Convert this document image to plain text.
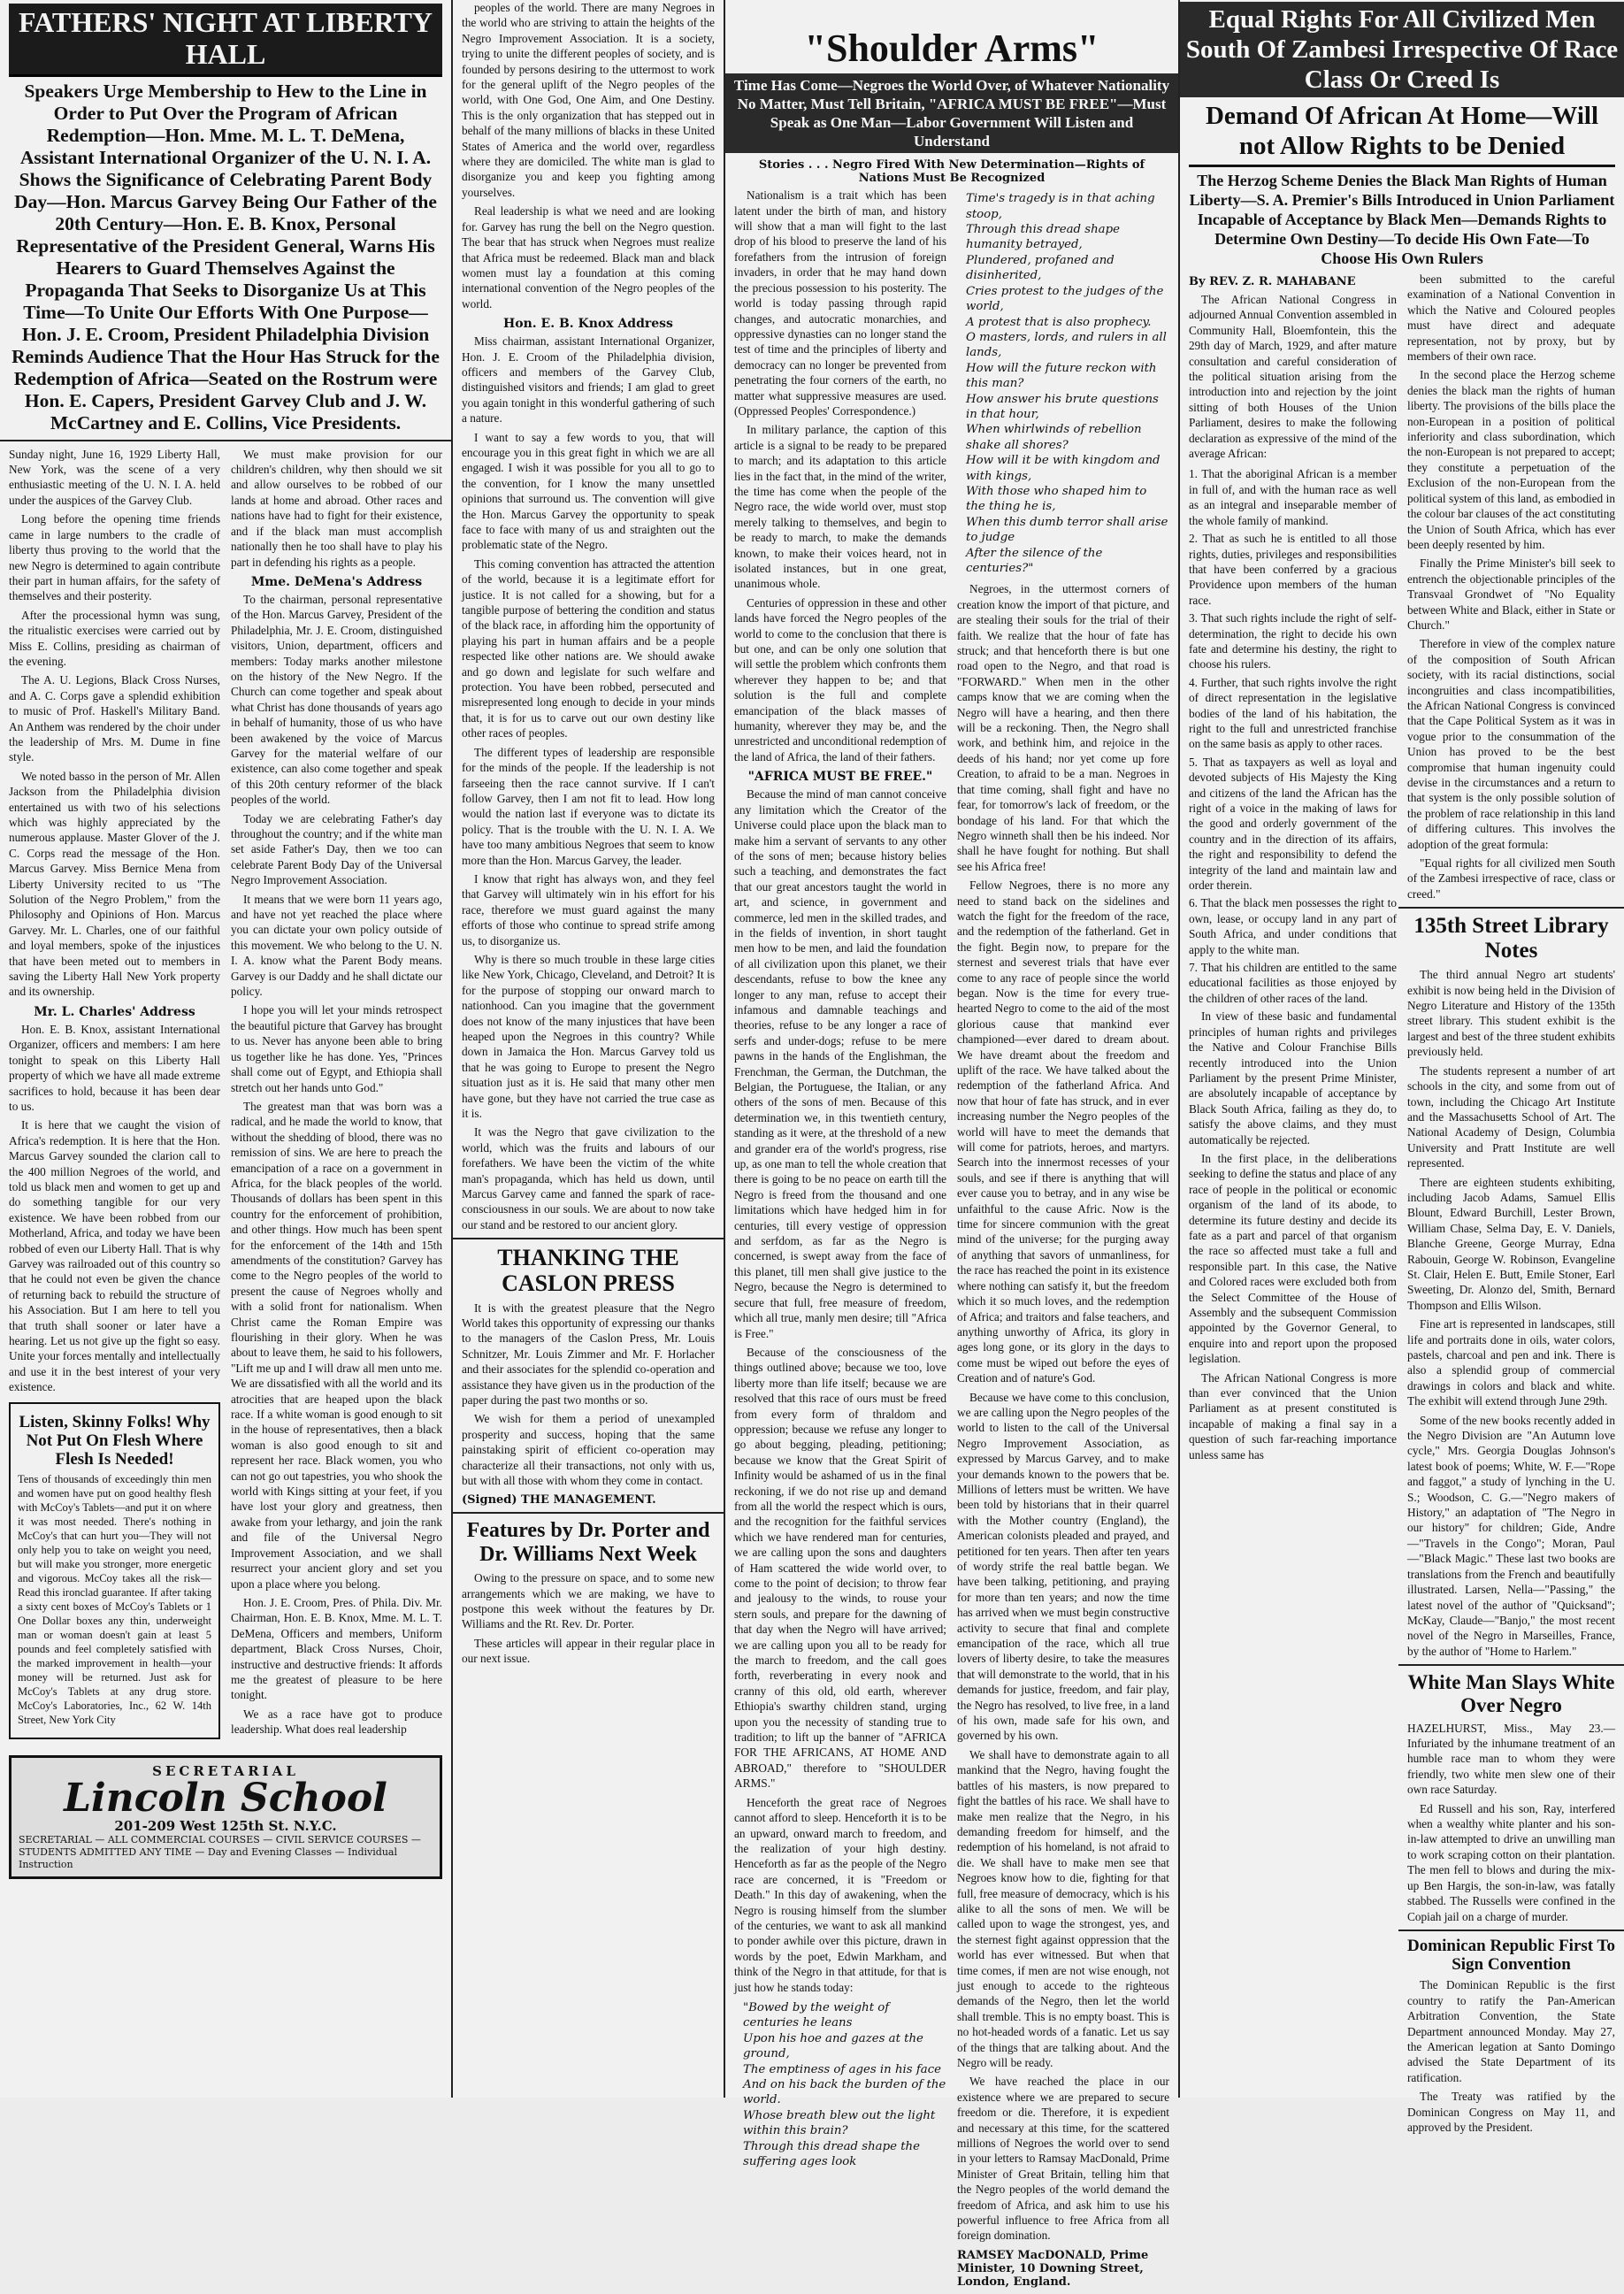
FATHERS' NIGHT AT LIBERTY HALL
Speakers Urge Membership to Hew to the Line in Order to Put Over the Program of African Redemption—Hon. Mme. M. L. T. DeMena, Assistant International Organizer of the U. N. I. A. Shows the Significance of Celebrating Parent Body Day—Hon. Marcus Garvey Being Our Father of the 20th Century—Hon. E. B. Knox, Personal Representative of the President General, Warns His Hearers to Guard Themselves Against the Propaganda That Seeks to Disorganize Us at This Time—To Unite Our Efforts With One Purpose—Hon. J. E. Croom, President Philadelphia Division Reminds Audience That the Hour Has Struck for the Redemption of Africa—Seated on the Rostrum were Hon. E. Capers, President Garvey Club and J. W. McCartney and E. Collins, Vice Presidents.

Sunday night, June 16, 1929 Liberty Hall, New York, was the scene of a very enthusiastic meeting of the U. N. I. A. held under the auspices of the Garvey Club.

Long before the opening time friends came in large numbers to the cradle of liberty thus proving to the world that the new Negro is determined to again contribute their part in human affairs, for the safety of themselves and their posterity.

After the processional hymn was sung, the ritualistic exercises were carried out by Miss E. Collins, presiding as chairman of the evening.

The A. U. Legions, Black Cross Nurses, and A. C. Corps gave a splendid exhibition to music of Prof. Haskell's Military Band. An Anthem was rendered by the choir under the leadership of Mrs. M. Dume in fine style.

We noted basso in the person of Mr. Allen Jackson from the Philadelphia division entertained us with two of his selections which was highly appreciated by the numerous applause. Master Glover of the J. C. Corps read the message of the Hon. Marcus Garvey. Miss Bernice Mena from Liberty University recited to us "The Solution of the Negro Problem," from the Philosophy and Opinions of Hon. Marcus Garvey. Mr. L. Charles, one of our faithful and loyal members, spoke of the injustices that have been meted out to members in saving the Liberty Hall New York property and its ownership.

Mr. L. Charles' Address

Hon. E. B. Knox, assistant International Organizer, officers and members: I am here tonight to speak on this Liberty Hall property of which we have all made extreme sacrifices to hold, because it has been dear to us.

It is here that we caught the vision of Africa's redemption. It is here that the Hon. Marcus Garvey sounded the clarion call to the 400 million Negroes of the world, and told us black men and women to get up and do something tangible for our very existence. We have been robbed from our Motherland, Africa, and today we have been robbed of even our Liberty Hall. That is why Garvey was railroaded out of this country so that he could not even be given the chance of returning back to rebuild the structure of his Association. But I am here to tell you that truth shall sooner or later have a hearing. Let us not give up the fight so easy. Unite your forces mentally and intellectually and use it in the best interest of your very existence.

Listen, Skinny Folks! Why Not Put On Flesh Where Flesh Is Needed!
Tens of thousands of exceedingly thin men and women have put on good healthy flesh with McCoy's Tablets—and put it on where it was most needed. There's nothing in McCoy's that can hurt you—They will not only help you to take on weight you need, but will make you stronger, more energetic and vigorous. McCoy takes all the risk—Read this ironclad guarantee. If after taking a sixty cent boxes of McCoy's Tablets or 1 One Dollar boxes any thin, underweight man or woman doesn't gain at least 5 pounds and feel completely satisfied with the marked improvement in health—your money will be returned. Just ask for McCoy's Tablets at any drug store. McCoy's Laboratories, Inc., 62 W. 14th Street, New York City

We must make provision for our children's children, why then should we sit and allow ourselves to be robbed of our lands at home and abroad. Other races and nations have had to fight for their existence, and if the black man must accomplish nationally then he too shall have to play his part in defending his rights as a people.

Mme. DeMena's Address

To the chairman, personal representative of the Hon. Marcus Garvey, President of the Philadelphia, Mr. J. E. Croom, distinguished visitors, Union, department, officers and members: Today marks another milestone on the history of the New Negro. If the Church can come together and speak about what Christ has done thousands of years ago in behalf of humanity, those of us who have been awakened by the voice of Marcus Garvey for the material welfare of our existence, can also come together and speak of this 20th century reformer of the black peoples of the world.

Today we are celebrating Father's day throughout the country; and if the white man set aside Father's Day, then we too can celebrate Parent Body Day of the Universal Negro Improvement Association.

It means that we were born 11 years ago, and have not yet reached the place where you can dictate your own policy outside of this movement. We who belong to the U. N. I. A. know what the Parent Body means. Garvey is our Daddy and he shall dictate our policy.

I hope you will let your minds retrospect the beautiful picture that Garvey has brought to us. Never has anyone been able to bring us together like he has done. Yes, "Princes shall come out of Egypt, and Ethiopia shall stretch out her hands unto God."

The greatest man that was born was a radical, and he made the world to know, that without the shedding of blood, there was no remission of sins. We are here to preach the emancipation of a race on a government in Africa, for the black peoples of the world. Thousands of dollars has been spent in this country for the enforcement of prohibition, and other things. How much has been spent for the enforcement of the 14th and 15th amendments of the constitution? Garvey has come to the Negro peoples of the world to present the cause of Negroes wholly and with a solid front for nationalism. When Christ came the Roman Empire was flourishing in their glory. When he was about to leave them, he said to his followers, "Lift me up and I will draw all men unto me. We are dissatisfied with all the world and its atrocities that are heaped upon the black race. If a white woman is good enough to sit in the house of representatives, then a black woman is also good enough to sit and represent her race. Black women, you who can not go out tapestries, you who shook the world with Kings sitting at your feet, if you have lost your glory and greatness, then awake from your lethargy, and join the rank and file of the Universal Negro Improvement Association, and we shall resurrect your ancient glory and set you upon a place where you belong.

Hon. J. E. Croom, Pres. of Phila. Div. Mr. Chairman, Hon. E. B. Knox, Mme. M. L. T. DeMena, Officers and members, Uniform department, Black Cross Nurses, Choir, instructive and destructive friends: It affords me the greatest of pleasure to be here tonight.

We as a race have got to produce leadership. What does real leadership

SECRETARIAL
Lincoln School
201-209 West 125th St. N.Y.C.
SECRETARIAL — ALL COMMERCIAL COURSES — CIVIL SERVICE COURSES — STUDENTS ADMITTED ANY TIME — Day and Evening Classes — Individual Instruction

peoples of the world. There are many Negroes in the world who are striving to attain the heights of the Negro Improvement Association. It is a society, trying to unite the different peoples of society, and is founded by persons desiring to the uttermost to work for the general uplift of the Negro peoples of the world, with One God, One Aim, and One Destiny. This is the only organization that has stepped out in behalf of the many millions of blacks in these United States of America and the world over, regardless where they are domiciled. The white man is glad to disorganize you and keep you fighting among yourselves.

Real leadership is what we need and are looking for. Garvey has rung the bell on the Negro question. The bear that has struck when Negroes must realize that Africa must be redeemed. Black man and black women must lay a foundation at this coming international convention of the Negro peoples of the world.

Hon. E. B. Knox Address

Miss chairman, assistant International Organizer, Hon. J. E. Croom of the Philadelphia division, officers and members of the Garvey Club, distinguished visitors and friends; I am glad to greet you again tonight in this wonderful gathering of such a nature.

I want to say a few words to you, that will encourage you in this great fight in which we are all engaged. I wish it was possible for you all to go to the convention, for I know the many unsettled opinions that surround us. The convention will give the Hon. Marcus Garvey the opportunity to speak face to face with many of us and straighten out the problematic state of the Negro.

This coming convention has attracted the attention of the world, because it is a legitimate effort for justice. It is not called for a showing, but for a tangible purpose of bettering the condition and status of the black race, in affording him the opportunity of playing his part in human affairs and be a people respected like other nations are. We should awake and go down and legislate for such welfare and protection. You have been robbed, persecuted and misrepresented long enough to decide in your minds that, it is for us to carve out our own destiny like other races of peoples.

The different types of leadership are responsible for the minds of the people. If the leadership is not farseeing then the race cannot survive. If I can't follow Garvey, then I am not fit to lead. How long would the nation last if everyone was to dictate its policy. That is the trouble with the U. N. I. A. We have too many ambitious Negroes that seem to know more than the Hon. Marcus Garvey, the leader.

I know that right has always won, and they feel that Garvey will ultimately win in his effort for his race, therefore we must guard against the many efforts of those who continue to spread strife among us, to disorganize us.

Why is there so much trouble in these large cities like New York, Chicago, Cleveland, and Detroit? It is for the purpose of stopping our onward march to nationhood. Can you imagine that the government does not know of the many injustices that have been heaped upon the Negroes in this country? While down in Jamaica the Hon. Marcus Garvey told us that he was going to Europe to present the Negro situation just as it is. He said that many other men have gone, but they have not carried the true case as it is.

It was the Negro that gave civilization to the world, which was the fruits and labours of our forefathers. We have been the victim of the white man's propaganda, which has held us down, until Marcus Garvey came and fanned the spark of race-consciousness in our souls. We are about to now take our stand and be restored to our ancient glory.

THANKING THE CASLON PRESS

It is with the greatest pleasure that the Negro World takes this opportunity of expressing our thanks to the managers of the Caslon Press, Mr. Louis Schnitzer, Mr. Louis Zimmer and Mr. F. Horlacher and their associates for the splendid co-operation and assistance they have given us in the production of the paper during the past two months or so.

We wish for them a period of unexampled prosperity and success, hoping that the same painstaking spirit of efficient co-operation may characterize all their transactions, not only with us, but with all those with whom they come in contact.

(Signed) THE MANAGEMENT.
Features by Dr. Porter and Dr. Williams Next Week

Owing to the pressure on space, and to some new arrangements which we are making, we have to postpone this week without the features by Dr. Williams and the Rt. Rev. Dr. Porter.

These articles will appear in their regular place in our next issue.

"Shoulder Arms"
Time Has Come—Negroes the World Over, of Whatever Nationality No Matter, Must Tell Britain, "AFRICA MUST BE FREE"—Must Speak as One Man—Labor Government Will Listen and Understand
Stories . . . Negro Fired With New Determination—Rights of Nations Must Be Recognized

Nationalism is a trait which has been latent under the birth of man, and history will show that a man will fight to the last drop of his blood to preserve the land of his forefathers from the intrusion of foreign invaders, in order that he may hand down the precious possession to his posterity. The world is today passing through rapid changes, and autocratic monarchies, and oppressive dynasties can no longer stand the test of time and the principles of liberty and democracy can no longer be prevented from penetrating the four corners of the earth, no matter what suppressive measures are used. (Oppressed Peoples' Correspondence.)

In military parlance, the caption of this article is a signal to be ready to be prepared to march; and its adaptation to this article lies in the fact that, in the mind of the writer, the time has come when the people of the Negro race, the wide world over, must stop merely talking to themselves, and begin to be ready to march, to make the demands known, to make their voices heard, not in isolated instances, but in one great, unanimous whole.

Centuries of oppression in these and other lands have forced the Negro peoples of the world to come to the conclusion that there is but one, and can be only one solution that will settle the problem which confronts them wherever they happen to be; and that solution is the full and complete emancipation of the black masses of humanity, wherever they may be, and the unrestricted and unconditional redemption of the land of Africa, the land of their fathers.

"AFRICA MUST BE FREE."

Because the mind of man cannot conceive any limitation which the Creator of the Universe could place upon the black man to make him a servant of servants to any other of the sons of men; because history belies such a teaching, and demonstrates the fact that our great ancestors taught the world in art, and science, in government and commerce, led men in the skilled trades, and in the fields of invention, in short taught men how to be men, and laid the foundation of all civilization upon this planet, we their descendants, refuse to bow the knee any longer to any man, refuse to accept their infamous and damnable teachings and theories, refuse to be any longer a race of serfs and under-dogs; refuse to be mere pawns in the hands of the Englishman, the Frenchman, the German, the Dutchman, the Belgian, the Portuguese, the Italian, or any others of the sons of men. Because of this determination we, in this twentieth century, standing as it were, at the threshold of a new and grander era of the world's progress, rise up, as one man to tell the whole creation that there is going to be no peace on earth till the Negro is freed from the thousand and one limitations which have hedged him in for centuries, till every vestige of oppression and serfdom, as far as the Negro is concerned, is swept away from the face of this planet, till men shall give justice to the Negro, because the Negro is determined to secure that full, free measure of freedom, which all true, manly men desire; till "Africa is Free."

Because of the consciousness of the things outlined above; because we too, love liberty more than life itself; because we are resolved that this race of ours must be freed from every form of thraldom and oppression; because we refuse any longer to go about begging, pleading, petitioning; because we know that the Great Spirit of Infinity would be ashamed of us in the final reckoning, if we do not rise up and demand from all the world the respect which is ours, and the recognition for the faithful services which we have rendered man for centuries, we are calling upon the sons and daughters of Ham scattered the wide world over, to come to the point of decision; to throw fear and jealousy to the winds, to rouse your stern souls, and prepare for the dawning of that day when the Negro will have arrived; we are calling upon you all to be ready for the march to freedom, and the call goes forth, reverberating in every nook and cranny of this old, old earth, wherever Ethiopia's swarthy children stand, urging upon you the necessity of standing true to tradition; to lift up the banner of "AFRICA FOR THE AFRICANS, AT HOME AND ABROAD," therefore to "SHOULDER ARMS."

Henceforth the great race of Negroes cannot afford to sleep. Henceforth it is to be an upward, onward march to freedom, and the realization of your high destiny. Henceforth as far as the people of the Negro race are concerned, it is "Freedom or Death." In this day of awakening, when the Negro is rousing himself from the slumber of the centuries, we want to ask all mankind to ponder awhile over this picture, drawn in words by the poet, Edwin Markham, and think of the Negro in that attitude, for that is just how he stands today:

"Bowed by the weight of centuries he leans
Upon his hoe and gazes at the ground,
The emptiness of ages in his face
And on his back the burden of the world.
Whose breath blew out the light within this brain?
Through this dread shape the suffering ages look
Time's tragedy is in that aching stoop,
Through this dread shape humanity betrayed,
Plundered, profaned and disinherited,
Cries protest to the judges of the world,
A protest that is also prophecy.
O masters, lords, and rulers in all lands,
How will the future reckon with this man?
How answer his brute questions in that hour,
When whirlwinds of rebellion shake all shores?
How will it be with kingdom and with kings,
With those who shaped him to the thing he is,
When this dumb terror shall arise to judge
After the silence of the centuries?"

Negroes, in the uttermost corners of creation know the import of that picture, and are stealing their souls for the trial of their faith. We realize that the hour of fate has struck; and that henceforth there is but one road open to the Negro, and that road is "FORWARD." When men in the other camps know that we are coming when the Negro will have a hearing, and then there will be a reckoning. Then, the Negro shall work, and bethink him, and rejoice in the deeds of his hand; nor yet come up fore Creation, to afraid to be a man. Negroes in that time coming, shall fight and have no fear, for tomorrow's lack of freedom, or the bondage of his land. For that which the Negro winneth shall then be his indeed. Nor shall he have fought for nothing. But shall see his Africa free!

Fellow Negroes, there is no more any need to stand back on the sidelines and watch the fight for the freedom of the race, and the redemption of the fatherland. Get in the fight. Begin now, to prepare for the sternest and severest trials that have ever come to any race of people since the world began. Now is the time for every true-hearted Negro to come to the aid of the most glorious cause that mankind ever championed—ever dared to dream about. We have dreamt about the freedom and uplift of the race. We have talked about the redemption of the fatherland Africa. And now that hour of fate has struck, and in ever increasing number the Negro peoples of the world will have to meet the demands that will come for patriots, heroes, and martyrs. Search into the innermost recesses of your souls, and see if there is anything that will ever cause you to betray, and in any wise be unfaithful to the cause Afric. Now is the time for sincere communion with the great mind of the universe; for the purging away of anything that savors of unmanliness, for the race has reached the point in its existence where nothing can satisfy it, but the freedom which it so much loves, and the redemption of Africa; and traitors and false teachers, and anything unworthy of Africa, its glory in ages long gone, or its glory in the days to come must be wiped out before the eyes of Creation and of nature's God.

Because we have come to this conclusion, we are calling upon the Negro peoples of the world to listen to the call of the Universal Negro Improvement Association, as expressed by Marcus Garvey, and to make your demands known to the powers that be. Millions of letters must be written. We have been told by historians that in their quarrel with the Mother country (England), the American colonists pleaded and prayed, and petitioned for ten years. Then after ten years of wordy strife the real battle began. We have been talking, petitioning, and praying for more than ten years; and now the time has arrived when we must begin constructive activity to secure that final and complete emancipation of the race, which all true lovers of liberty desire, to take the measures that will demonstrate to the world, that in his demands for justice, freedom, and fair play, the Negro has resolved, to live free, in a land of his own, made safe for his own, and governed by his own.

We shall have to demonstrate again to all mankind that the Negro, having fought the battles of his masters, is now prepared to fight the battles of his race. We shall have to make men realize that the Negro, in his demanding freedom for himself, and the redemption of his homeland, is not afraid to die. We shall have to make men see that Negroes know how to die, fighting for that full, free measure of democracy, which is his alike to all the sons of men. We will be called upon to wage the strongest, yes, and the sternest fight against oppression that the world has ever witnessed. But when that time comes, if men are not wise enough, not just enough to accede to the righteous demands of the Negro, then let the world shall tremble. This is no empty boast. This is no hot-headed words of a fanatic. Let us say of the things that are talking about. And the Negro will be ready.

We have reached the place in our existence where we are prepared to secure freedom or die. Therefore, it is expedient and necessary at this time, for the scattered millions of Negroes the world over to send in your letters to Ramsay MacDonald, Prime Minister of Great Britain, telling him that the Negro peoples of the world demand the freedom of Africa, and ask him to use his powerful influence to free Africa from all foreign domination.

RAMSEY MacDONALD, Prime Minister, 10 Downing Street, London, England.
Equal Rights For All Civilized Men South Of Zambesi Irrespective Of Race Class Or Creed Is
Demand Of African At Home—Will not Allow Rights to be Denied
The Herzog Scheme Denies the Black Man Rights of Human Liberty—S. A. Premier's Bills Introduced in Union Parliament Incapable of Acceptance by Black Men—Demands Rights to Determine Own Destiny—To decide His Own Fate—To Choose His Own Rulers
By REV. Z. R. MAHABANE

The African National Congress in adjourned Annual Convention assembled in Community Hall, Bloemfontein, this the 29th day of March, 1929, and after mature consultation and careful consideration of the political situation arising from the introduction into and rejection by the joint sitting of both Houses of the Union Parliament, desires to make the following declaration as expressive of the mind of the average African:

1. That the aboriginal African is a member in full of, and with the human race as well as an integral and inseparable member of the whole family of mankind.
2. That as such he is entitled to all those rights, duties, privileges and responsibilities that have been conferred by a gracious Providence upon members of the human race.
3. That such rights include the right of self-determination, the right to decide his own fate and determine his destiny, the right to choose his rulers.
4. Further, that such rights involve the right of direct representation in the legislative bodies of the land of his habitation, the right to the full and unrestricted franchise on the same basis as apply to other races.
5. That as taxpayers as well as loyal and devoted subjects of His Majesty the King and citizens of the land the African has the right of a voice in the making of laws for the good and orderly government of the country and in the direction of its affairs, the right and responsibility to defend the integrity of the land and maintain law and order therein.
6. That the black men possesses the right to own, lease, or occupy land in any part of South Africa, and under conditions that apply to the white man.
7. That his children are entitled to the same educational facilities as those enjoyed by the children of other races of the land.

In view of these basic and fundamental principles of human rights and privileges the Native and Colour Franchise Bills recently introduced into the Union Parliament by the present Prime Minister, are absolutely incapable of acceptance by Black South Africa, failing as they do, to satisfy the above claims, and they must automatically be rejected.

In the first place, in the deliberations seeking to define the status and place of any race of people in the political or economic organism of the land of its abode, to determine its future destiny and decide its fate as a part and parcel of that organism the race so affected must take a full and responsible part. In this case, the Native and Colored races were excluded both from the Select Committee of the House of Assembly and the subsequent Commission appointed by the Governor General, to enquire into and report upon the proposed legislation.

The African National Congress is more than ever convinced that the Union Parliament as at present constituted is incapable of making a final say in a question of such far-reaching importance unless same has

been submitted to the careful examination of a National Convention in which the Native and Coloured peoples must have direct and adequate representation, not by proxy, but by members of their own race.

In the second place the Herzog scheme denies the black man the rights of human liberty. The provisions of the bills place the non-European in a position of political inferiority and class subordination, which the non-European is not prepared to accept; they constitute a perpetuation of the Exclusion of the non-European from the political system of this land, as embodied in the colour bar clauses of the act constituting the Union of South Africa, which has ever been deeply resented by him.

Finally the Prime Minister's bill seek to entrench the objectionable principles of the Transvaal Grondwet of "No Equality between White and Black, either in State or Church."

Therefore in view of the complex nature of the composition of South African society, with its racial distinctions, social incongruities and class incompatibilities, the African National Congress is convinced that the Cape Political System as it was in vogue prior to the consummation of the Union has proved to be the best compromise that human ingenuity could devise in the circumstances and a return to that system is the only possible solution of the problem of race relationship in this land of differing cultures. This involves the adoption of the great formula:

"Equal rights for all civilized men South of the Zambesi irrespective of race, class or creed."

135th Street Library Notes

The third annual Negro art students' exhibit is now being held in the Division of Negro Literature and History of the 135th street library. This student exhibit is the largest and best of the three student exhibits previously held.

The students represent a number of art schools in the city, and some from out of town, including the Chicago Art Institute and the Massachusetts School of Art. The National Academy of Design, Columbia University and Pratt Institute are well represented.

There are eighteen students exhibiting, including Jacob Adams, Samuel Ellis Blount, Edward Burchill, Lester Brown, William Chase, Selma Day, E. V. Daniels, Blanche Greene, George Murray, Edna Rabouin, George W. Robinson, Evangeline St. Clair, Helen E. Butt, Emile Stoner, Earl Sweeting, Dr. Alonzo del, Smith, Bernard Thompson and Ellis Wilson.

Fine art is represented in landscapes, still life and portraits done in oils, water colors, pastels, charcoal and pen and ink. There is also a splendid group of commercial drawings in colors and black and white. The exhibit will extend through June 29th.

Some of the new books recently added in the Negro Division are "An Autumn love cycle," Mrs. Georgia Douglas Johnson's latest book of poems; White, W. F.—"Rope and faggot," a study of lynching in the U. S.; Woodson, C. G.—"Negro makers of History," an adaptation of "The Negro in our history" for children; Gide, Andre—"Travels in the Congo"; Moran, Paul—"Black Magic." These last two books are translations from the French and beautifully illustrated. Larsen, Nella—"Passing," the latest novel of the author of "Quicksand"; McKay, Claude—"Banjo," the most recent novel of the Negro in Marseilles, France, by the author of "Home to Harlem."

White Man Slays White Over Negro

HAZELHURST, Miss., May 23.—Infuriated by the inhumane treatment of an humble race man to whom they were friendly, two white men slew one of their own race Saturday.

Ed Russell and his son, Ray, interfered when a wealthy white planter and his son-in-law attempted to drive an unwilling man to work scraping cotton on their plantation. The men fell to blows and during the mix-up Ben Hargis, the son-in-law, was fatally stabbed. The Russells were confined in the Copiah jail on a charge of murder.

Dominican Republic First To Sign Convention

The Dominican Republic is the first country to ratify the Pan-American Arbitration Convention, the State Department announced Monday. May 27, the American legation at Santo Domingo advised the State Department of its ratification.

The Treaty was ratified by the Dominican Congress on May 11, and approved by the President.
